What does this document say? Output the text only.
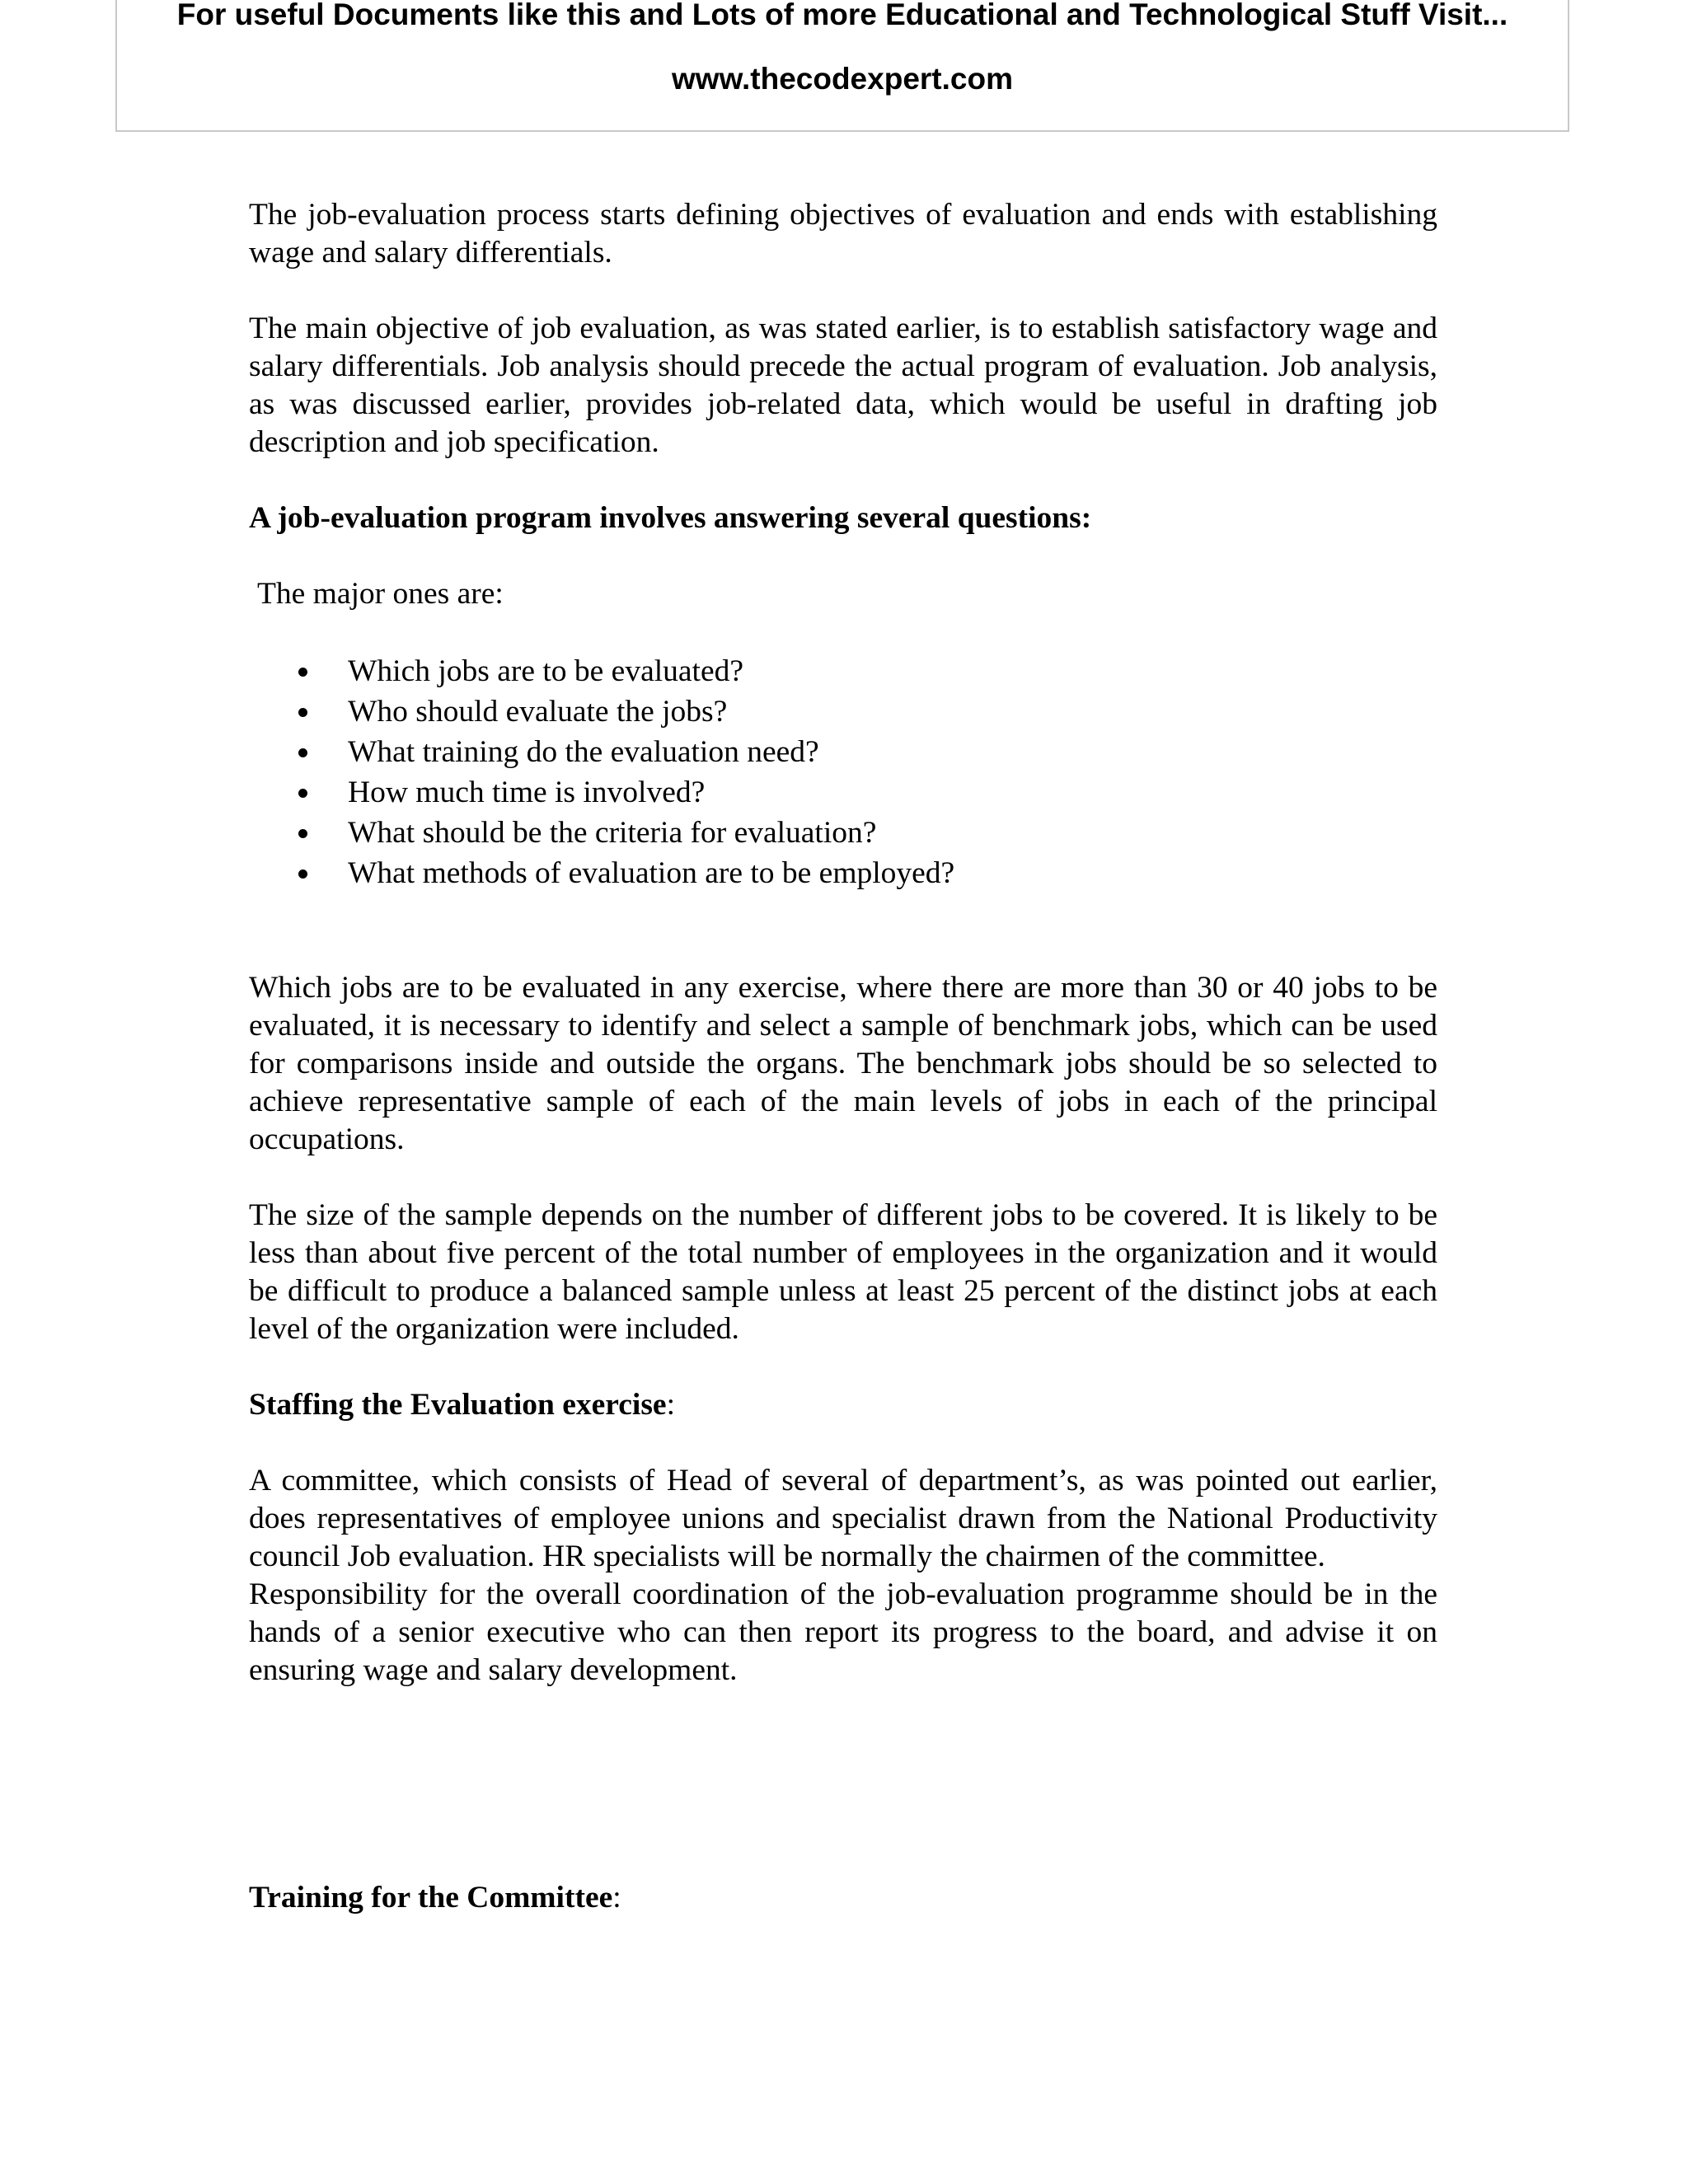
For useful Documents like this and Lots of more Educational and Technological Stuff Visit...
www.thecodexpert.com

The job-evaluation process starts defining objectives of evaluation and ends with establishing wage and salary differentials.

The main objective of job evaluation, as was stated earlier, is to establish satisfactory wage and salary differentials. Job analysis should precede the actual program of evaluation. Job analysis, as was discussed earlier, provides job-related data, which would be useful in drafting job description and job specification.

A job-evaluation program involves answering several questions:

The major ones are:

Which jobs are to be evaluated?
Who should evaluate the jobs?
What training do the evaluation need?
How much time is involved?
What should be the criteria for evaluation?
What methods of evaluation are to be employed?

Which jobs are to be evaluated in any exercise, where there are more than 30 or 40 jobs to be evaluated, it is necessary to identify and select a sample of benchmark jobs, which can be used for comparisons inside and outside the organs. The benchmark jobs should be so selected to achieve representative sample of each of the main levels of jobs in each of the principal occupations.

The size of the sample depends on the number of different jobs to be covered. It is likely to be less than about five percent of the total number of employees in the organization and it would be difficult to produce a balanced sample unless at least 25 percent of the distinct jobs at each level of the organization were included.

Staffing the Evaluation exercise:

A committee, which consists of Head of several of department’s, as was pointed out earlier, does representatives of employee unions and specialist drawn from the National Productivity council Job evaluation. HR specialists will be normally the chairmen of the committee.

Responsibility for the overall coordination of the job-evaluation programme should be in the hands of a senior executive who can then report its progress to the board, and advise it on ensuring wage and salary development.

Training for the Committee:
